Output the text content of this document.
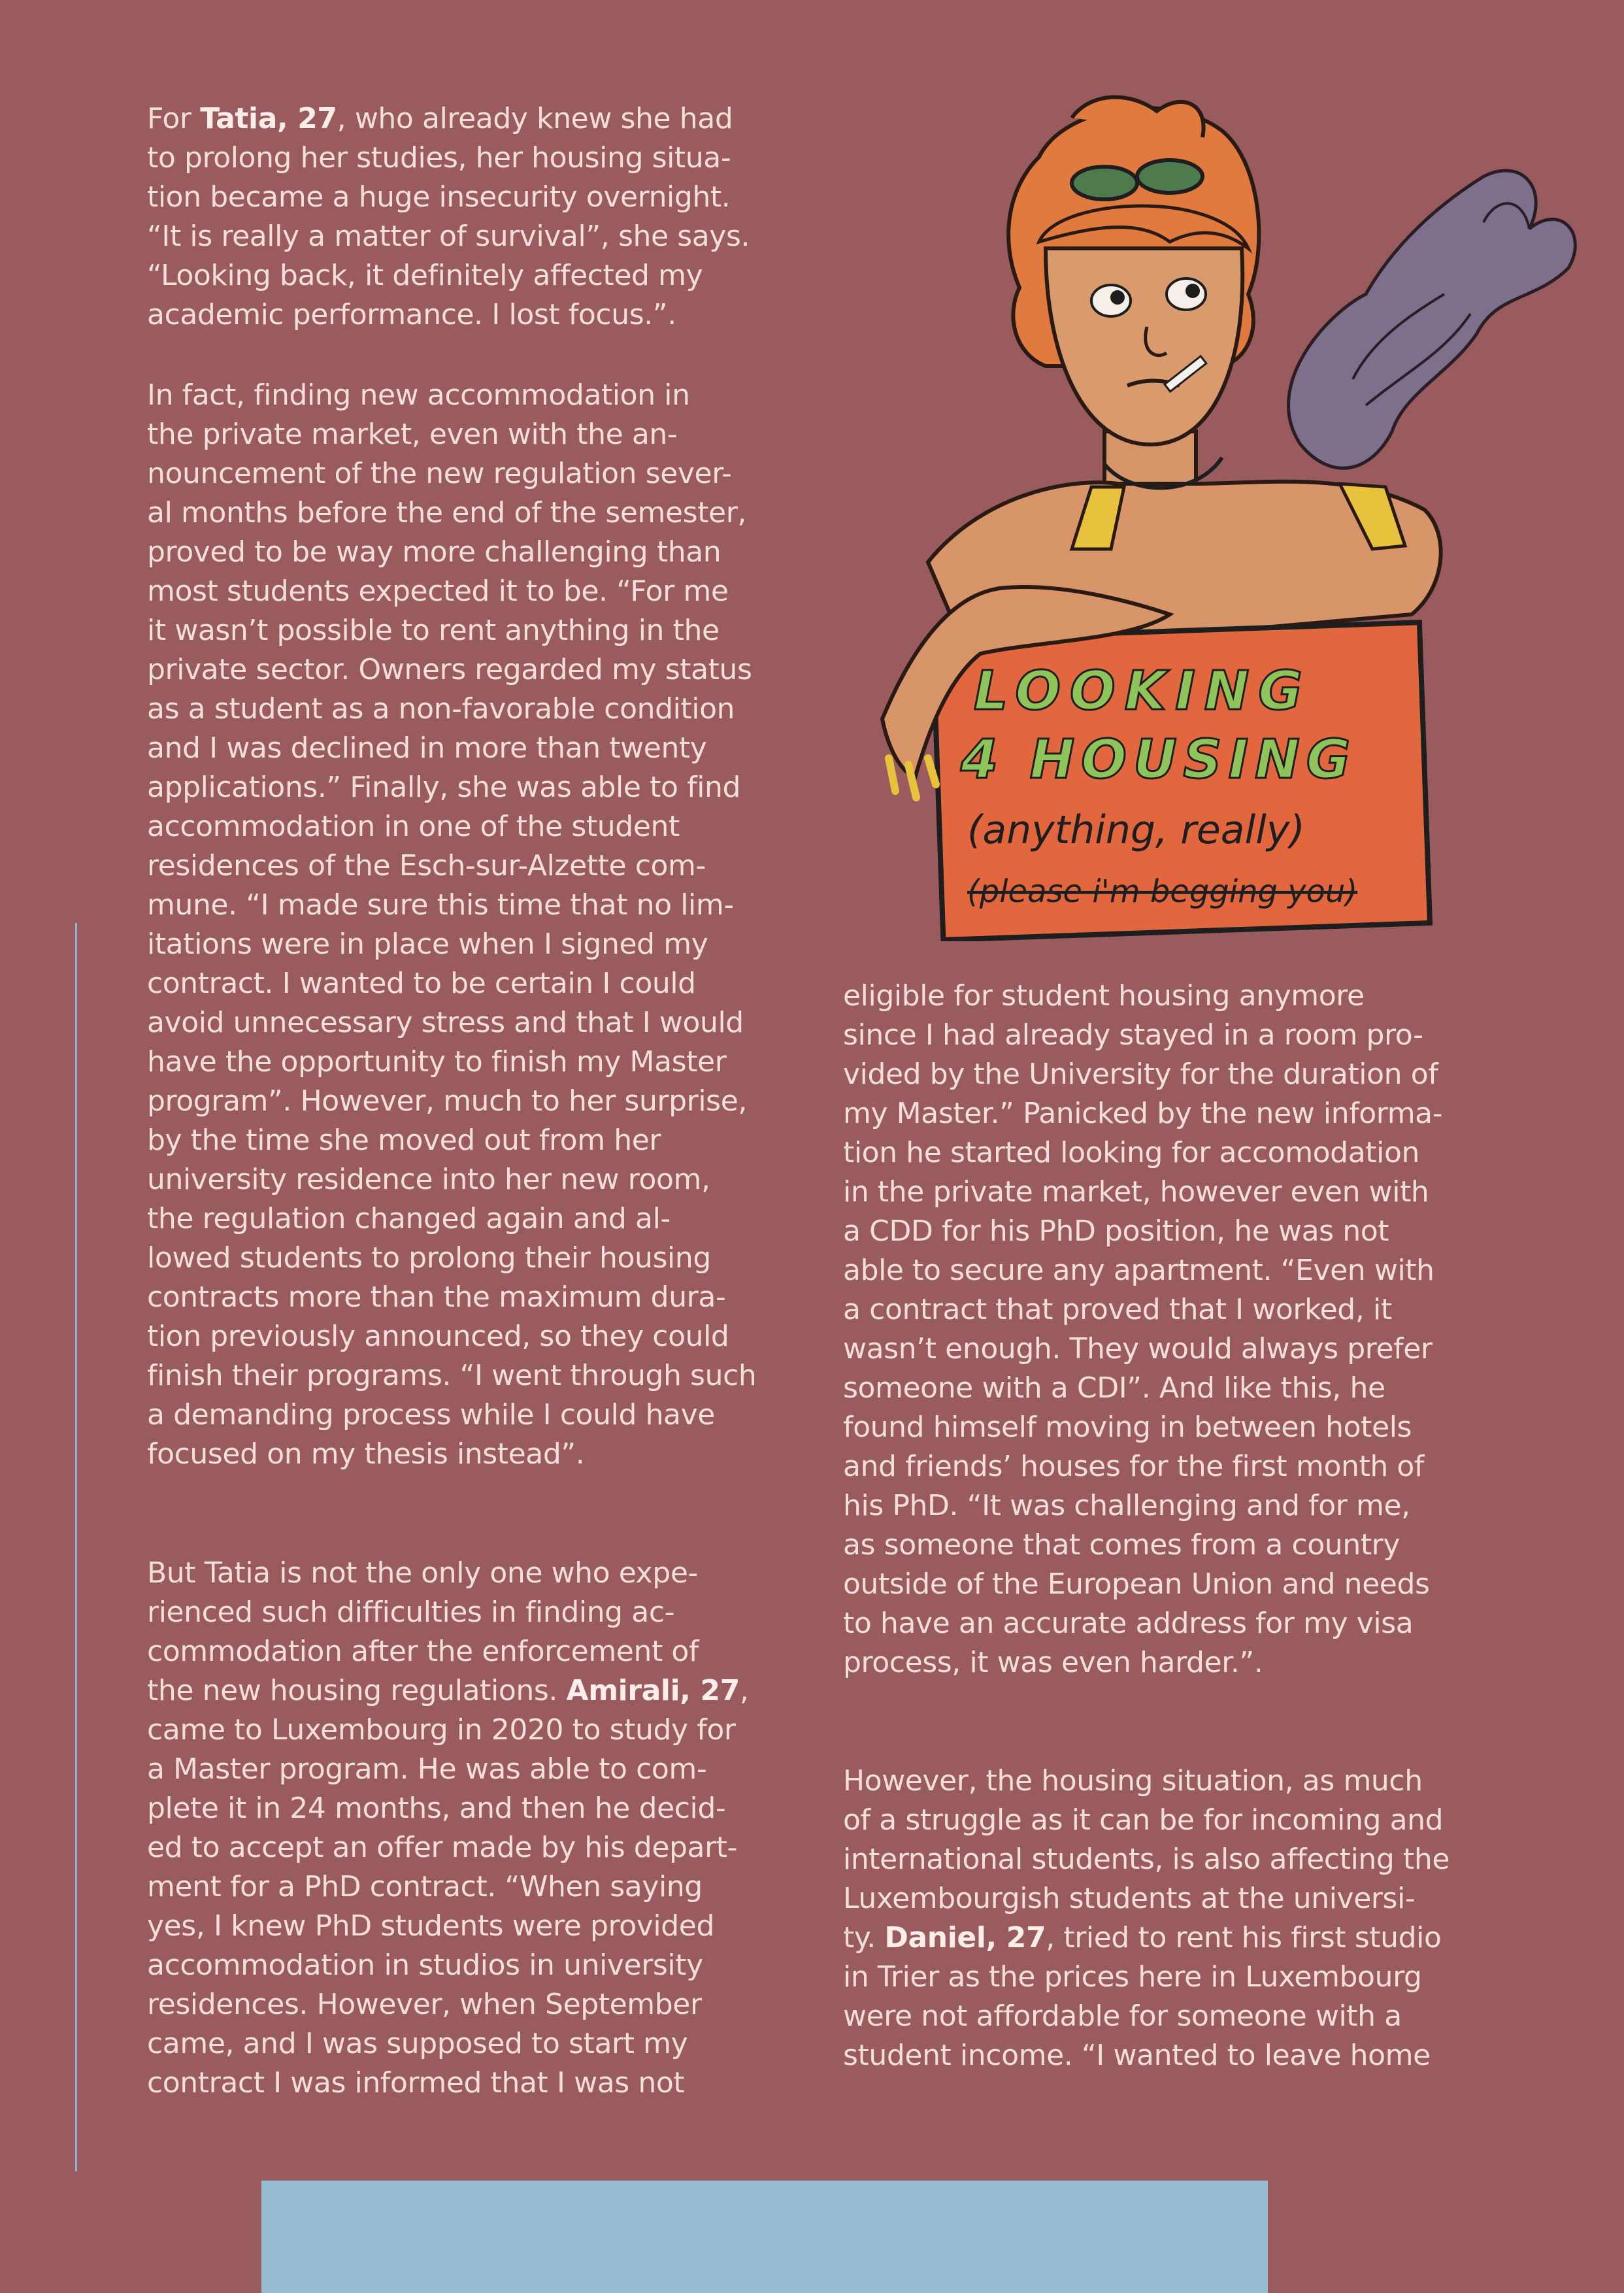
For Tatia, 27, who already knew she had
to prolong her studies, her housing situa-
tion became a huge insecurity overnight.
“It is really a matter of survival”, she says.
“Looking back, it definitely affected my
academic performance. I lost focus.”.
In fact, finding new accommodation in
the private market, even with the an-
nouncement of the new regulation sever-
al months before the end of the semester,
proved to be way more challenging than
most students expected it to be. “For me
it wasn’t possible to rent anything in the
private sector. Owners regarded my status
as a student as a non-favorable condition
and I was declined in more than twenty
applications.” Finally, she was able to find
accommodation in one of the student
residences of the Esch-sur-Alzette com-
mune. “I made sure this time that no lim-
itations were in place when I signed my
contract. I wanted to be certain I could
avoid unnecessary stress and that I would
have the opportunity to finish my Master
program”. However, much to her surprise,
by the time she moved out from her
university residence into her new room,
the regulation changed again and al-
lowed students to prolong their housing
contracts more than the maximum dura-
tion previously announced, so they could
finish their programs. “I went through such
a demanding process while I could have
focused on my thesis instead”.
But Tatia is not the only one who expe-
rienced such difficulties in finding ac-
commodation after the enforcement of
the new housing regulations. Amirali, 27,
came to Luxembourg in 2020 to study for
a Master program. He was able to com-
plete it in 24 months, and then he decid-
ed to accept an offer made by his depart-
ment for a PhD contract. “When saying
yes, I knew PhD students were provided
accommodation in studios in university
residences. However, when September
came, and I was supposed to start my
contract I was informed that I was not
eligible for student housing anymore
since I had already stayed in a room pro-
vided by the University for the duration of
my Master.” Panicked by the new informa-
tion he started looking for accomodation
in the private market, however even with
a CDD for his PhD position, he was not
able to secure any apartment. “Even with
a contract that proved that I worked, it
wasn’t enough. They would always prefer
someone with a CDI”. And like this, he
found himself moving in between hotels
and friends’ houses for the first month of
his PhD. “It was challenging and for me,
as someone that comes from a country
outside of the European Union and needs
to have an accurate address for my visa
process, it was even harder.”.
However, the housing situation, as much
of a struggle as it can be for incoming and
international students, is also affecting the
Luxembourgish students at the universi-
ty. Daniel, 27, tried to rent his first studio
in Trier as the prices here in Luxembourg
were not affordable for someone with a
student income. “I wanted to leave home
LOOKING
4 HOUSING
(anything, really)
(please i'm begging you)
